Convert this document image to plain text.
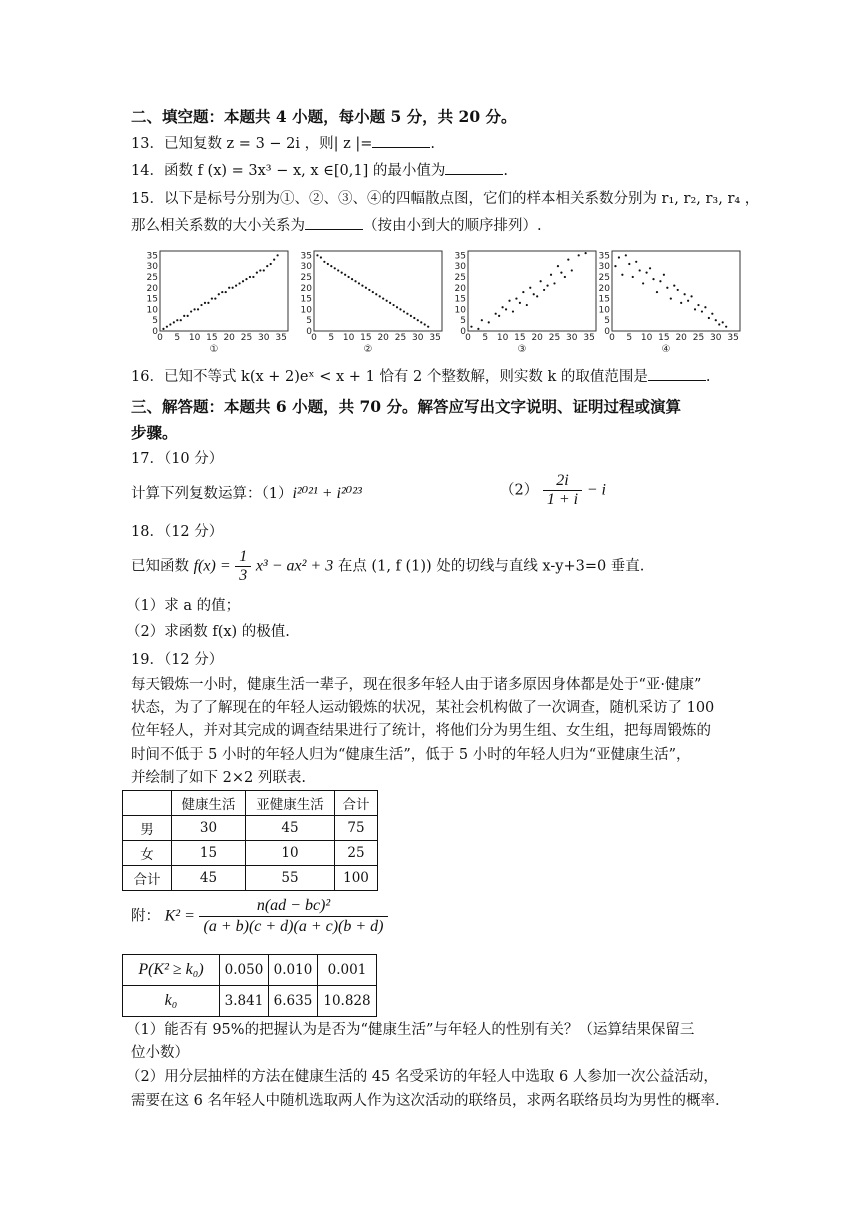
二、填空题：本题共 4 小题，每小题 5 分，共 20 分。
13．已知复数 z = 3 − 2i ，则| z |=	.
14．函数 f (x) = 3x³ − x, x ∈[0,1] 的最小值为	.
15．以下是标号分别为①、②、③、④的四幅散点图，它们的样本相关系数分别为 r₁, r₂, r₃, r₄ ，
那么相关系数的大小关系为	（按由小到大的顺序排列）.
0
5
10
15
20
25
30
35
0 5 10 15 20 25 30 35
①
0
5
10
15
20
25
30
35
0 5 10 15 20 25 30 35
②
0
5
10
15
20
25
30
35
0 5 10 15 20 25 30 35
③
0
5
10
15
20
25
30
35
0 5 10 15 20 25 30 35
④
16．已知不等式 k(x + 2)eˣ < x + 1 恰有 2 个整数解，则实数 k 的取值范围是	.
三、解答题：本题共 6 小题，共 70 分。解答应写出文字说明、证明过程或演算
步骤。
17．（10 分）
计算下列复数运算：（1）i²⁰²¹ + i²⁰²³	$(2) \frac{2i}{1 + i} - i$
18．（12 分）
已知函数 $f(x) = \frac{1}{3} x^3 - ax^2 + 3$ 在点 (1, f (1)) 处的切线与直线 x-y+3=0 垂直.
（1）求 a 的值；
（2）求函数 f(x) 的极值.
19．（12 分）
每天锻炼一小时，健康生活一辈子，现在很多年轻人由于诸多原因身体都是处于“亚·健康”
状态，为了了解现在的年轻人运动锻炼的状况，某社会机构做了一次调查，随机采访了 100
位年轻人，并对其完成的调查结果进行了统计，将他们分为男生组、女生组，把每周锻炼的
时间不低于 5 小时的年轻人归为“健康生活”，低于 5 小时的年轻人归为“亚健康生活”，
并绘制了如下 2×2 列联表.
	健康生活	亚健康生活	合计
男	30	45	75
女	15	10	25
合计	45	55	100
附： $K^2 = \frac{\text{n(ad − bc)²}}{(a + b)(c + d)(a + c)(b + d)}$
P(K² ≥ k₀)	0.050	0.010	0.001
k₀	3.841	6.635	10.828
（1）能否有 95%的把握认为是否为“健康生活”与年轻人的性别有关？（运算结果保留三
位小数）
（2）用分层抽样的方法在健康生活的 45 名受采访的年轻人中选取 6 人参加一次公益活动，
需要在这 6 名年轻人中随机选取两人作为这次活动的联络员，求两名联络员均为男性的概率.
